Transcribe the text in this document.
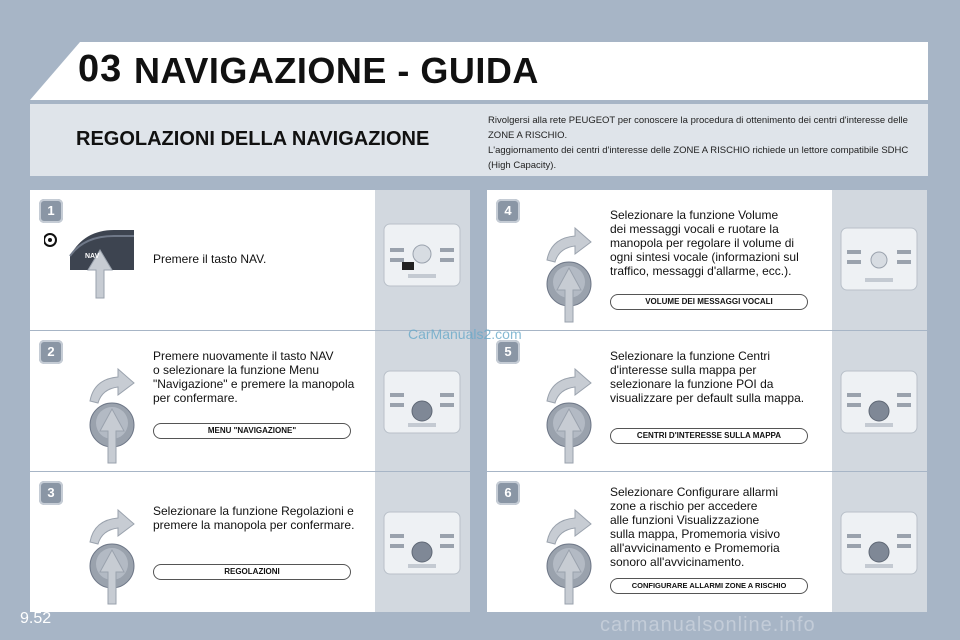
03 NAVIGAZIONE - GUIDA
REGOLAZIONI DELLA NAVIGAZIONE
Rivolgersi alla rete PEUGEOT per conoscere la procedura di ottenimento dei centri d'interesse delle
ZONE A RISCHIO.
L'aggiornamento dei centri d'interesse delle ZONE A RISCHIO richiede un lettore compatibile SDHC
(High Capacity).
1
NAV	Premere il tasto NAV.
2	Premere nuovamente il tasto NAV
o selezionare la funzione Menu
"Navigazione" e premere la manopola
per confermare.
MENU "NAVIGAZIONE"
3
Selezionare la funzione Regolazioni e
premere la manopola per confermare.
REGOLAZIONI
4	Selezionare la funzione Volume
dei messaggi vocali e ruotare la
manopola per regolare il volume di
ogni sintesi vocale (informazioni sul
traffico, messaggi d'allarme, ecc.).
VOLUME DEI MESSAGGI VOCALI
5	Selezionare la funzione Centri
d'interesse sulla mappa per
selezionare la funzione POI da
visualizzare per default sulla mappa.
CENTRI D'INTERESSE SULLA MAPPA
6	Selezionare Configurare allarmi
zone a rischio per accedere
alle funzioni Visualizzazione
sulla mappa, Promemoria visivo
all'avvicinamento e Promemoria
sonoro all'avvicinamento.
CONFIGURARE ALLARMI ZONE A RISCHIO
CarManuals2.com
9.52	carmanualsonline.info
